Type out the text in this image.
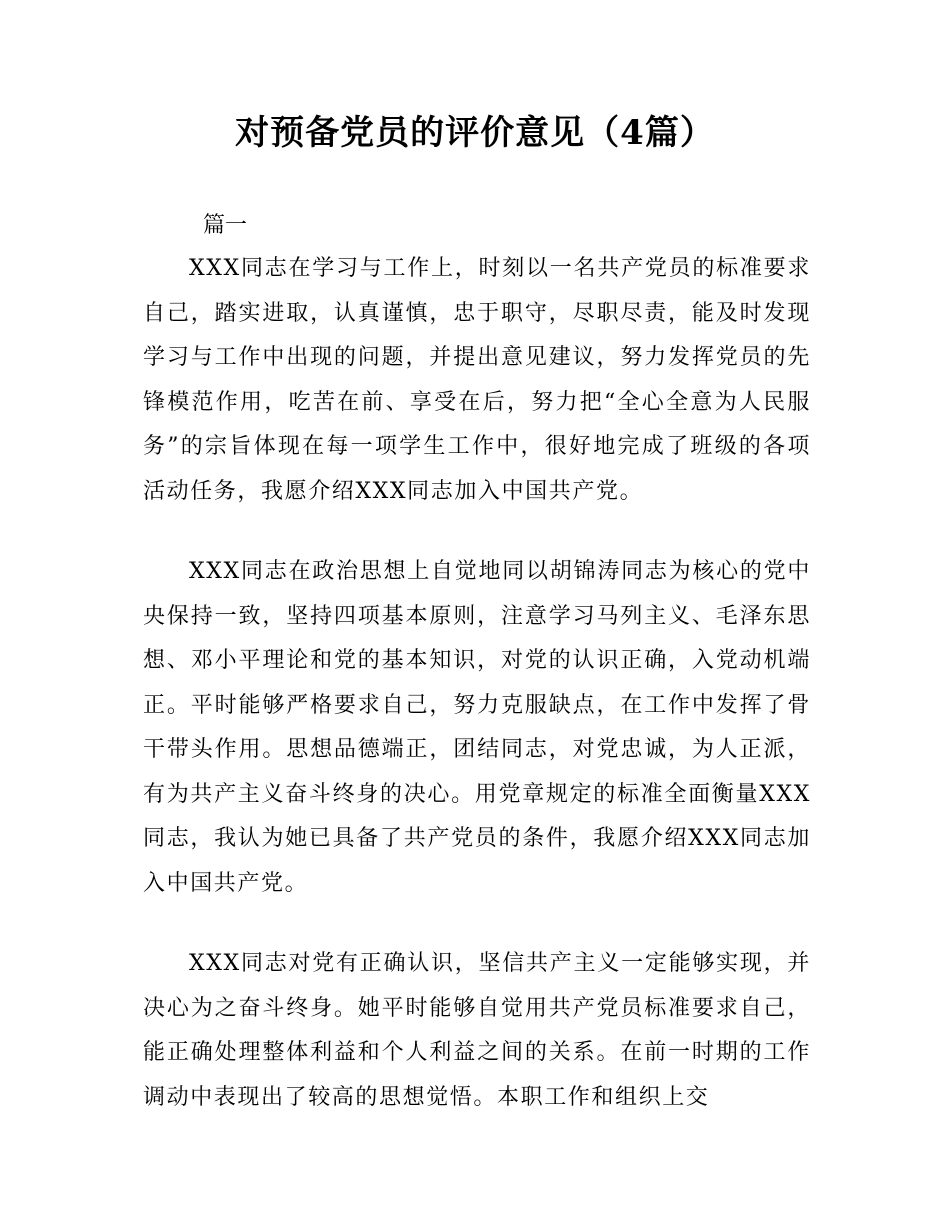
对预备党员的评价意见（4篇）

篇一

XXX同志在学习与工作上，时刻以一名共产党员的标准要求自己，踏实进取，认真谨慎，忠于职守，尽职尽责，能及时发现学习与工作中出现的问题，并提出意见建议，努力发挥党员的先锋模范作用，吃苦在前、享受在后，努力把“全心全意为人民服务”的宗旨体现在每一项学生工作中，很好地完成了班级的各项活动任务，我愿介绍XXX同志加入中国共产党。

XXX同志在政治思想上自觉地同以胡锦涛同志为核心的党中央保持一致，坚持四项基本原则，注意学习马列主义、毛泽东思想、邓小平理论和党的基本知识，对党的认识正确，入党动机端正。平时能够严格要求自己，努力克服缺点，在工作中发挥了骨干带头作用。思想品德端正，团结同志，对党忠诚，为人正派，有为共产主义奋斗终身的决心。用党章规定的标准全面衡量XXX同志，我认为她已具备了共产党员的条件，我愿介绍XXX同志加入中国共产党。

XXX同志对党有正确认识，坚信共产主义一定能够实现，并决心为之奋斗终身。她平时能够自觉用共产党员标准要求自己，能正确处理整体利益和个人利益之间的关系。在前一时期的工作调动中表现出了较高的思想觉悟。本职工作和组织上交
